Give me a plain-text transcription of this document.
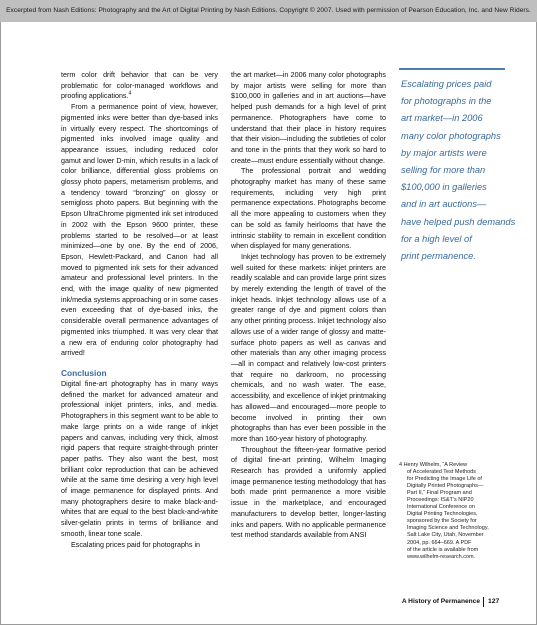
Excerpted from Nash Editions: Photography and the Art of Digital Printing by Nash Editions. Copyright © 2007. Used with permission of Pearson Education, Inc. and New Riders.

term color drift behavior that can be very problematic for color-managed workflows and proofing applications.$^4$

From a permanence point of view, however, pigmented inks were better than dye-based inks in virtually every respect. The shortcomings of pigmented inks involved image quality and appearance issues, including reduced color gamut and lower D-min, which results in a lack of color brilliance, differential gloss problems on glossy photo papers, metamerism problems, and a tendency toward “bronzing” on glossy or semigloss photo papers. But beginning with the Epson UltraChrome pigmented ink set introduced in 2002 with the Epson 9600 printer, these problems started to be resolved—or at least minimized—one by one. By the end of 2006, Epson, Hewlett-Packard, and Canon had all moved to pigmented ink sets for their advanced amateur and professional level printers. In the end, with the image quality of new pigmented ink/media systems approaching or in some cases even exceeding that of dye-based inks, the considerable overall permanence advantages of pigmented inks triumphed. It was very clear that a new era of enduring color photography had arrived!

Conclusion

Digital fine-art photography has in many ways defined the market for advanced amateur and professional inkjet printers, inks, and media. Photographers in this segment want to be able to make large prints on a wide range of inkjet papers and canvas, including very thick, almost rigid papers that require straight-through printer paper paths. They also want the best, most brilliant color reproduction that can be achieved while at the same time desiring a very high level of image permanence for displayed prints. And many photographers desire to make black-and-whites that are equal to the best black-and-white silver-gelatin prints in terms of brilliance and smooth, linear tone scale.

Escalating prices paid for photographs in

the art market—in 2006 many color photographs by major artists were selling for more than $100,000 in galleries and in art auctions—have helped push demands for a high level of print permanence. Photographers have come to understand that their place in history requires that their vision—including the subtleties of color and tone in the prints that they work so hard to create—must endure essentially without change.

The professional portrait and wedding photography market has many of these same requirements, including very high print permanence expectations. Photographs become all the more appealing to customers when they can be sold as family heirlooms that have the intrinsic stability to remain in excellent condition when displayed for many generations.

Inkjet technology has proven to be extremely well suited for these markets: inkjet printers are readily scalable and can provide large print sizes by merely extending the length of travel of the inkjet heads. Inkjet technology allows use of a greater range of dye and pigment colors than any other printing process. Inkjet technology also allows use of a wider range of glossy and matte-surface photo papers as well as canvas and other materials than any other imaging process—all in compact and relatively low-cost printers that require no darkroom, no processing chemicals, and no wash water. The ease, accessibility, and excellence of inkjet printmaking has allowed—and encouraged—more people to become involved in printing their own photographs than has ever been possible in the more than 160-year history of photography.

Throughout the fifteen-year formative period of digital fine-art printing, Wilhelm Imaging Research has provided a uniformly applied image permanence testing methodology that has both made print permanence a more visible issue in the marketplace, and encouraged manufacturers to develop better, longer-lasting inks and papers. With no applicable permanence test method standards available from ANSI

Escalating prices paid
for photographs in the
art market—in 2006
many color photographs
by major artists were
selling for more than
$100,000 in galleries
and in art auctions—
have helped push demands
for a high level of
print permanence.
4 Henry Wilhelm, “A Review
of Accelerated Test Methods
for Predicting the Image Life of
Digitally Printed Photographs—
Part II,” Final Program and
Proceedings: IS&T’s NIP20
International Conference on
Digital Printing Technologies,
sponsored by the Society for
Imaging Science and Technology,
Salt Lake City, Utah, November
2004, pp. 664–669. A PDF
of the article is available from
www.wilhelm-research.com.
A History of Permanence 127
